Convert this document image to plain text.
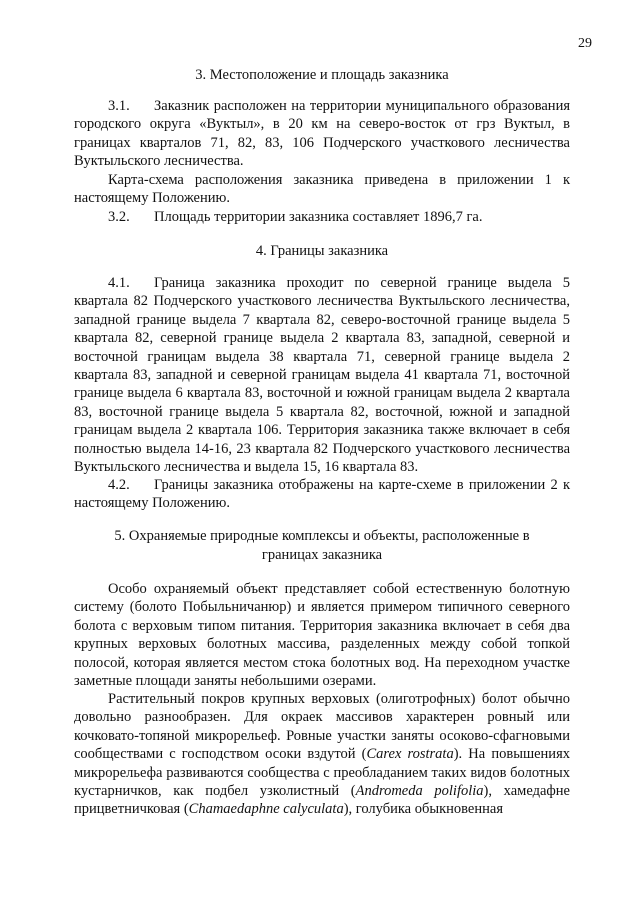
29
3. Местоположение и площадь заказника
3.1. Заказник расположен на территории муниципального образования городского округа «Вуктыл», в 20 км на северо-восток от грз Вуктыл, в границах кварталов 71, 82, 83, 106 Подчерского участкового лесничества Вуктыльского лесничества.
Карта-схема расположения заказника приведена в приложении 1 к настоящему Положению.
3.2. Площадь территории заказника составляет 1896,7 га.
4. Границы заказника
4.1. Граница заказника проходит по северной границе выдела 5 квартала 82 Подчерского участкового лесничества Вуктыльского лесничества, западной границе выдела 7 квартала 82, северо-восточной границе выдела 5 квартала 82, северной границе выдела 2 квартала 83, западной, северной и восточной границам выдела 38 квартала 71, северной границе выдела 2 квартала 83, западной и северной границам выдела 41 квартала 71, восточной границе выдела 6 квартала 83, восточной и южной границам выдела 2 квартала 83, восточной границе выдела 5 квартала 82, восточной, южной и западной границам выдела 2 квартала 106. Территория заказника также включает в себя полностью выдела 14-16, 23 квартала 82 Подчерского участкового лесничества Вуктыльского лесничества и выдела 15, 16 квартала 83.
4.2. Границы заказника отображены на карте-схеме в приложении 2 к настоящему Положению.
5. Охраняемые природные комплексы и объекты, расположенные в
границах заказника
Особо охраняемый объект представляет собой естественную болотную систему (болото Побыльничанюр) и является примером типичного северного болота с верховым типом питания. Территория заказника включает в себя два крупных верховых болотных массива, разделенных между собой топкой полосой, которая является местом стока болотных вод. На переходном участке заметные площади заняты небольшими озерами.
Растительный покров крупных верховых (олиготрофных) болот обычно довольно разнообразен. Для окраек массивов характерен ровный или кочковато-топяной микрорельеф. Ровные участки заняты осоково-сфагновыми сообществами с господством осоки вздутой (Carex rostrata). На повышениях микрорельефа развиваются сообщества с преобладанием таких видов болотных кустарничков, как подбел узколистный (Andromeda polifolia), хамедафне прицветничковая (Chamaedaphne calyculata), голубика обыкновенная
